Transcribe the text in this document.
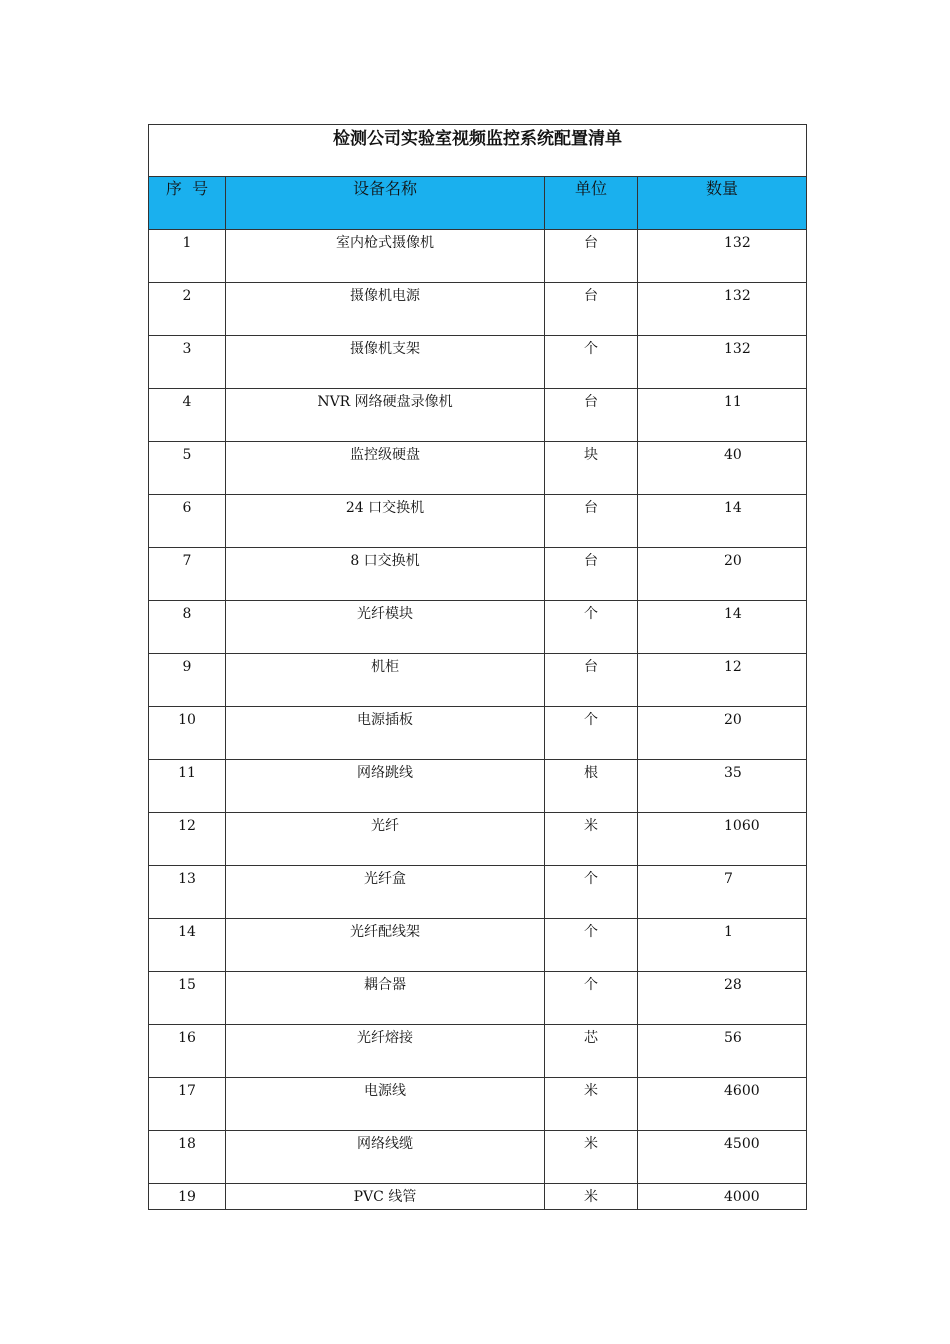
检测公司实验室视频监控系统配置清单			
序  号	设备名称	单位	数量
1	室内枪式摄像机	台	132
2	摄像机电源	台	132
3	摄像机支架	个	132
4	NVR 网络硬盘录像机	台	11
5	监控级硬盘	块	40
6	24 口交换机	台	14
7	8 口交换机	台	20
8	光纤模块	个	14
9	机柜	台	12
10	电源插板	个	20
11	网络跳线	根	35
12	光纤	米	1060
13	光纤盒	个	7
14	光纤配线架	个	1
15	耦合器	个	28
16	光纤熔接	芯	56
17	电源线	米	4600
18	网络线缆	米	4500
19	PVC 线管	米	4000
